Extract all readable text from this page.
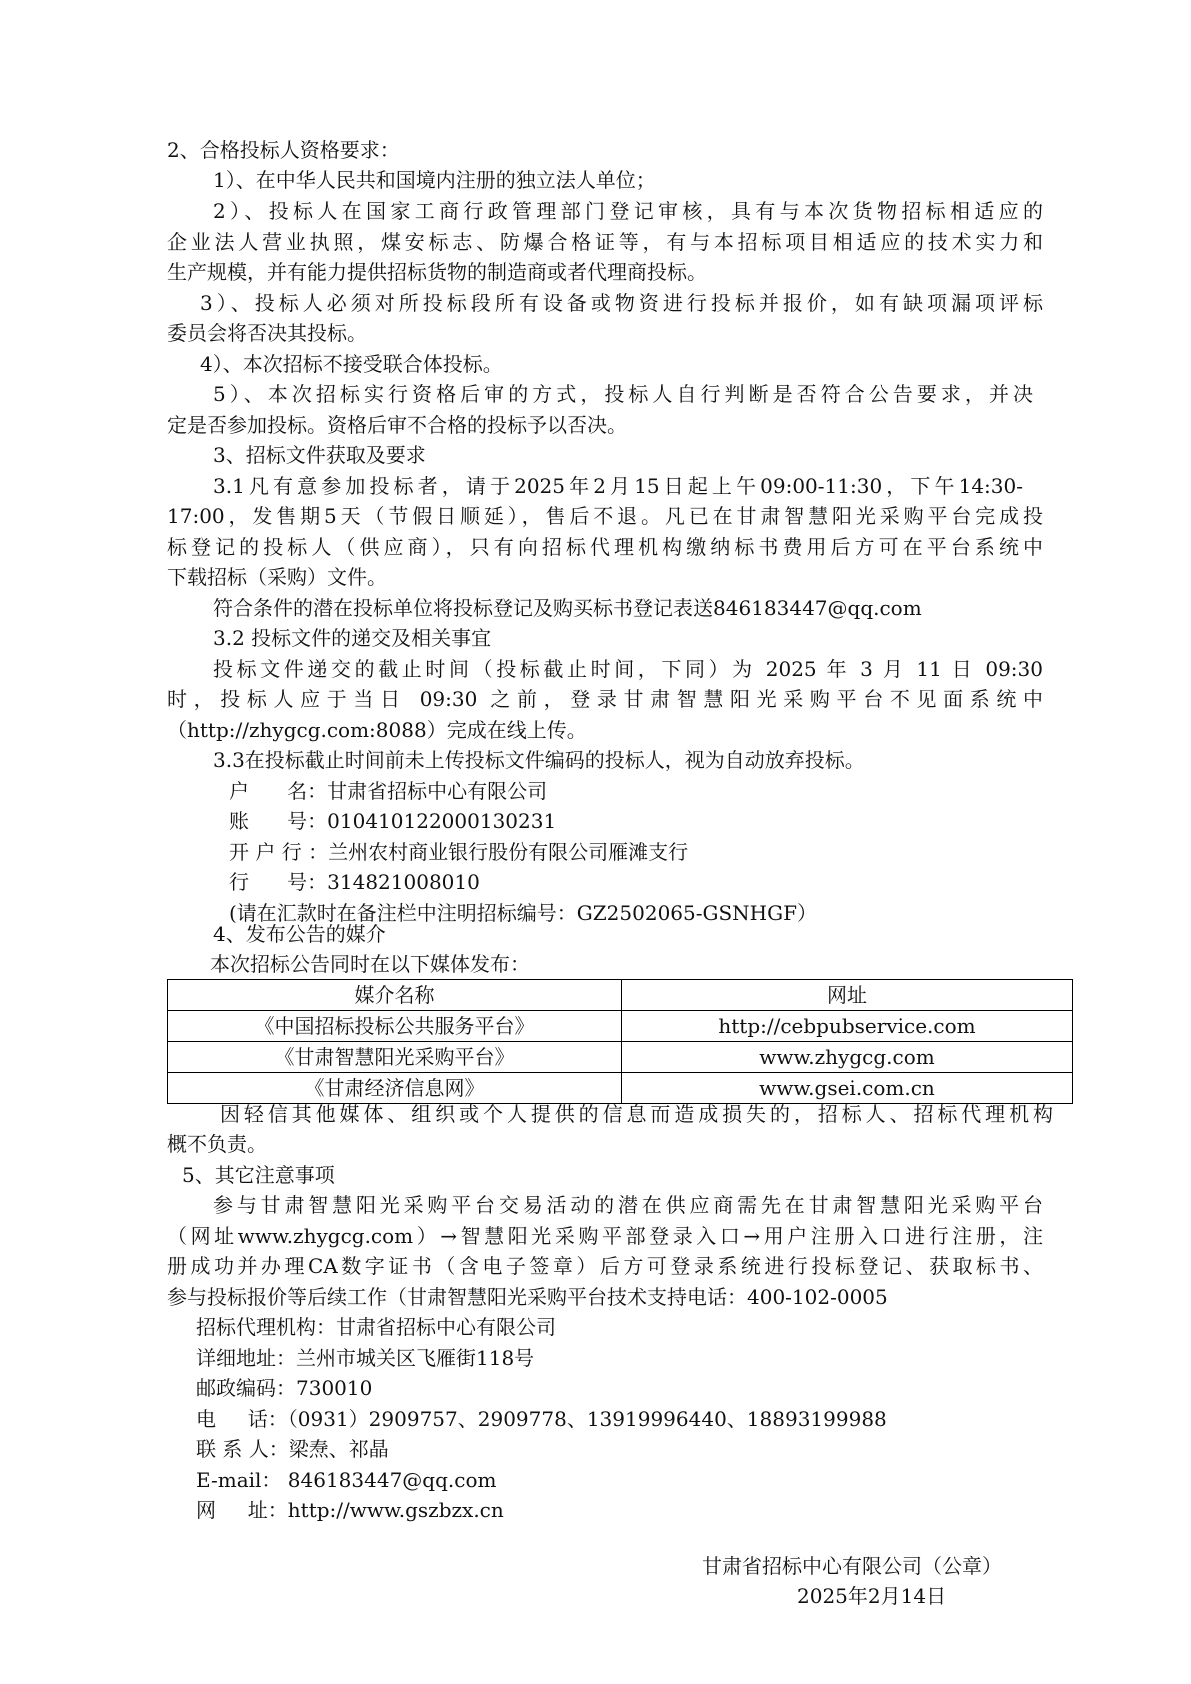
2、合格投标人资格要求：
1）、在中华人民共和国境内注册的独立法人单位；
2）、投标人在国家工商行政管理部门登记审核，具有与本次货物招标相适应的
企业法人营业执照，煤安标志、防爆合格证等，有与本招标项目相适应的技术实力和
生产规模，并有能力提供招标货物的制造商或者代理商投标。
3）、投标人必须对所投标段所有设备或物资进行投标并报价，如有缺项漏项评标
委员会将否决其投标。
4）、本次招标不接受联合体投标。
5）、本次招标实行资格后审的方式，投标人自行判断是否符合公告要求，并决
定是否参加投标。资格后审不合格的投标予以否决。
3、招标文件获取及要求
3.1凡有意参加投标者，请于2025年2月15日起上午09:00-11:30，下午14:30-
17:00，发售期5天（节假日顺延），售后不退。凡已在甘肃智慧阳光采购平台完成投
标登记的投标人（供应商），只有向招标代理机构缴纳标书费用后方可在平台系统中
下载招标（采购）文件。
符合条件的潜在投标单位将投标登记及购买标书登记表送846183447@qq.com
3.2 投标文件的递交及相关事宜
投标文件递交的截止时间（投标截止时间，下同）为 2025 年 3 月 11 日 09:30
时，投标人应于当日 09:30 之前，登录甘肃智慧阳光采购平台不见面系统中
（http://zhygcg.com:8088）完成在线上传。
3.3在投标截止时间前未上传投标文件编码的投标人，视为自动放弃投标。
户      名：甘肃省招标中心有限公司
账      号：010410122000130231
开 户 行 ：兰州农村商业银行股份有限公司雁滩支行
行      号：314821008010
(请在汇款时在备注栏中注明招标编号：GZ2502065-GSNHGF）
4、发布公告的媒介
本次招标公告同时在以下媒体发布：
媒介名称	网址
《中国招标投标公共服务平台》	http://cebpubservice.com
《甘肃智慧阳光采购平台》	www.zhygcg.com
《甘肃经济信息网》	www.gsei.com.cn
因轻信其他媒体、组织或个人提供的信息而造成损失的，招标人、招标代理机构
概不负责。
5、其它注意事项
参与甘肃智慧阳光采购平台交易活动的潜在供应商需先在甘肃智慧阳光采购平台
（网址www.zhygcg.com）→智慧阳光采购平部登录入口→用户注册入口进行注册，注
册成功并办理CA数字证书（含电子签章）后方可登录系统进行投标登记、获取标书、
参与投标报价等后续工作（甘肃智慧阳光采购平台技术支持电话：400-102-0005
招标代理机构：甘肃省招标中心有限公司
详细地址：兰州市城关区飞雁街118号
邮政编码：730010
电     话：（0931）2909757、2909778、13919996440、18893199988
联 系 人：梁焘、祁晶
E-mail： 846183447@qq.com
网     址：http://www.gszbzx.cn
甘肃省招标中心有限公司（公章）
2025年2月14日
